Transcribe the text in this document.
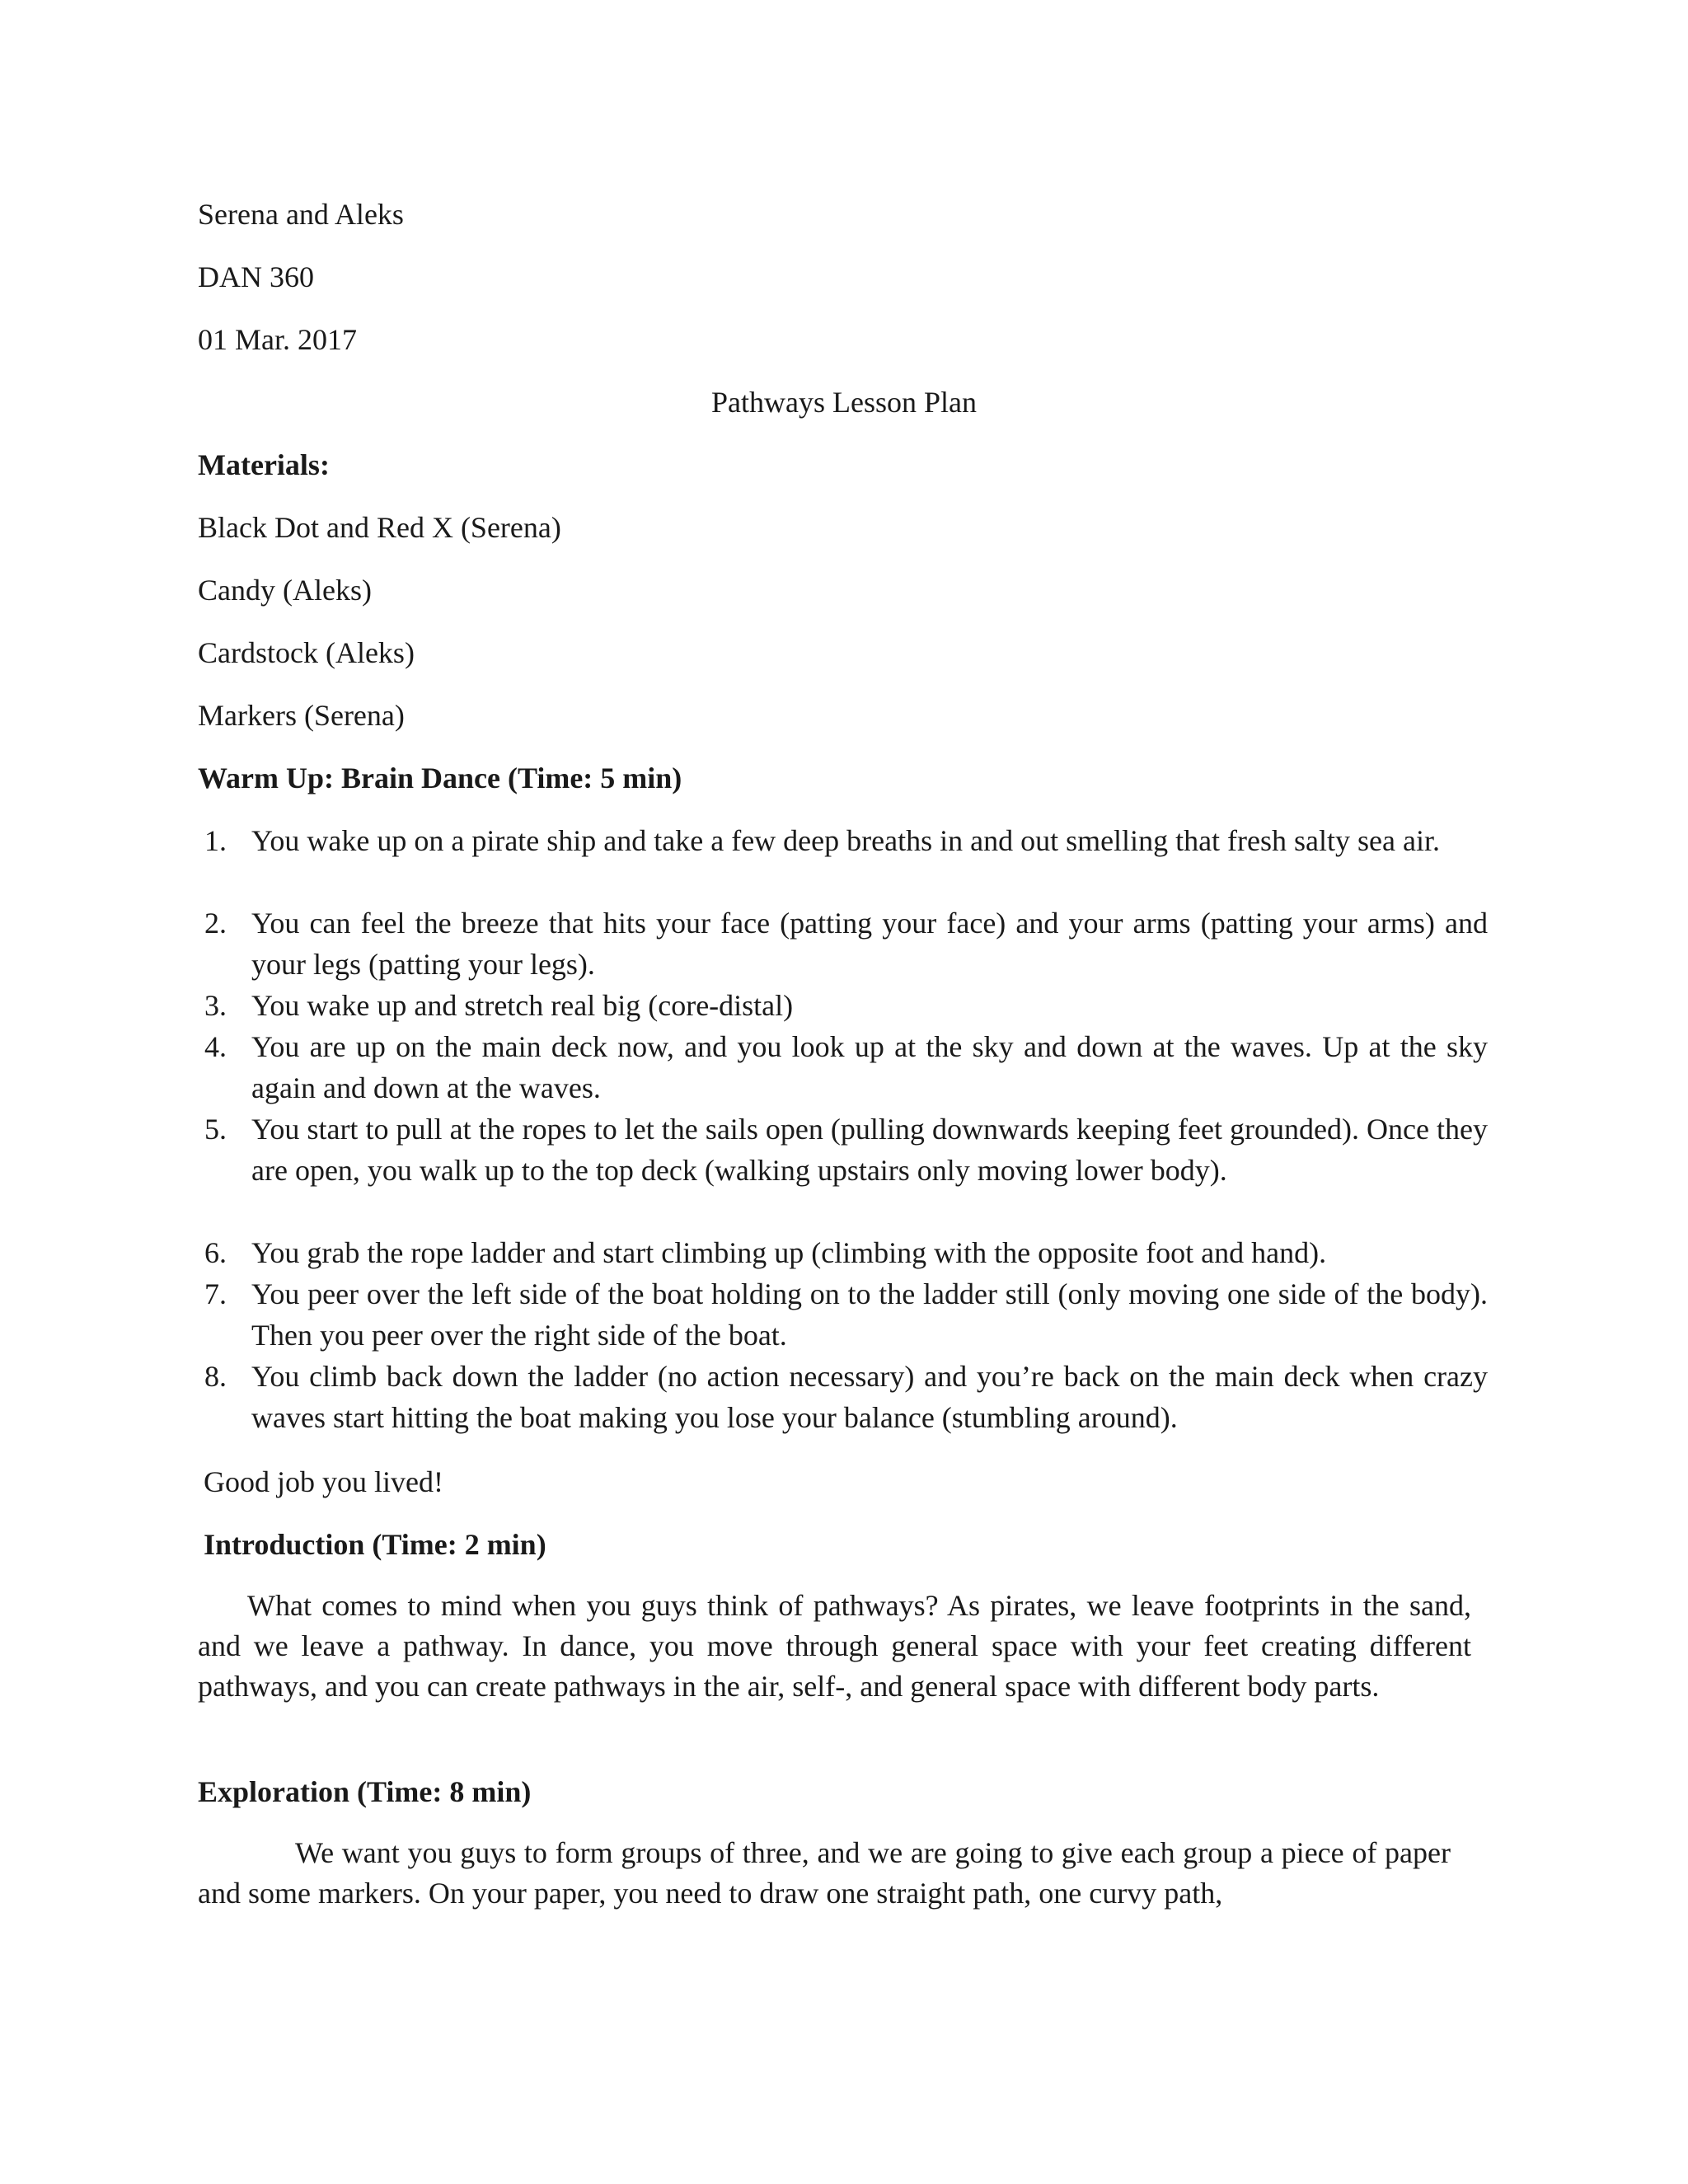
Serena and Aleks
DAN 360
01 Mar. 2017
Pathways Lesson Plan
Materials:
Black Dot and Red X (Serena)
Candy (Aleks)
Cardstock (Aleks)
Markers (Serena)
Warm Up: Brain Dance (Time: 5 min)
1. You wake up on a pirate ship and take a few deep breaths in and out smelling that fresh salty sea air.
2. You can feel the breeze that hits your face (patting your face) and your arms (patting your arms) and your legs (patting your legs).
3. You wake up and stretch real big (core-distal)
4. You are up on the main deck now, and you look up at the sky and down at the waves. Up at the sky again and down at the waves.
5. You start to pull at the ropes to let the sails open (pulling downwards keeping feet grounded). Once they are open, you walk up to the top deck (walking upstairs only moving lower body).
6. You grab the rope ladder and start climbing up (climbing with the opposite foot and hand).
7. You peer over the left side of the boat holding on to the ladder still (only moving one side of the body). Then you peer over the right side of the boat.
8. You climb back down the ladder (no action necessary) and you’re back on the main deck when crazy waves start hitting the boat making you lose your balance (stumbling around).
Good job you lived!
Introduction (Time: 2 min)
What comes to mind when you guys think of pathways? As pirates, we leave footprints in the sand, and we leave a pathway. In dance, you move through general space with your feet creating different pathways, and you can create pathways in the air, self-, and general space with different body parts.
Exploration (Time: 8 min)
We want you guys to form groups of three, and we are going to give each group a piece of paper and some markers. On your paper, you need to draw one straight path, one curvy path,
